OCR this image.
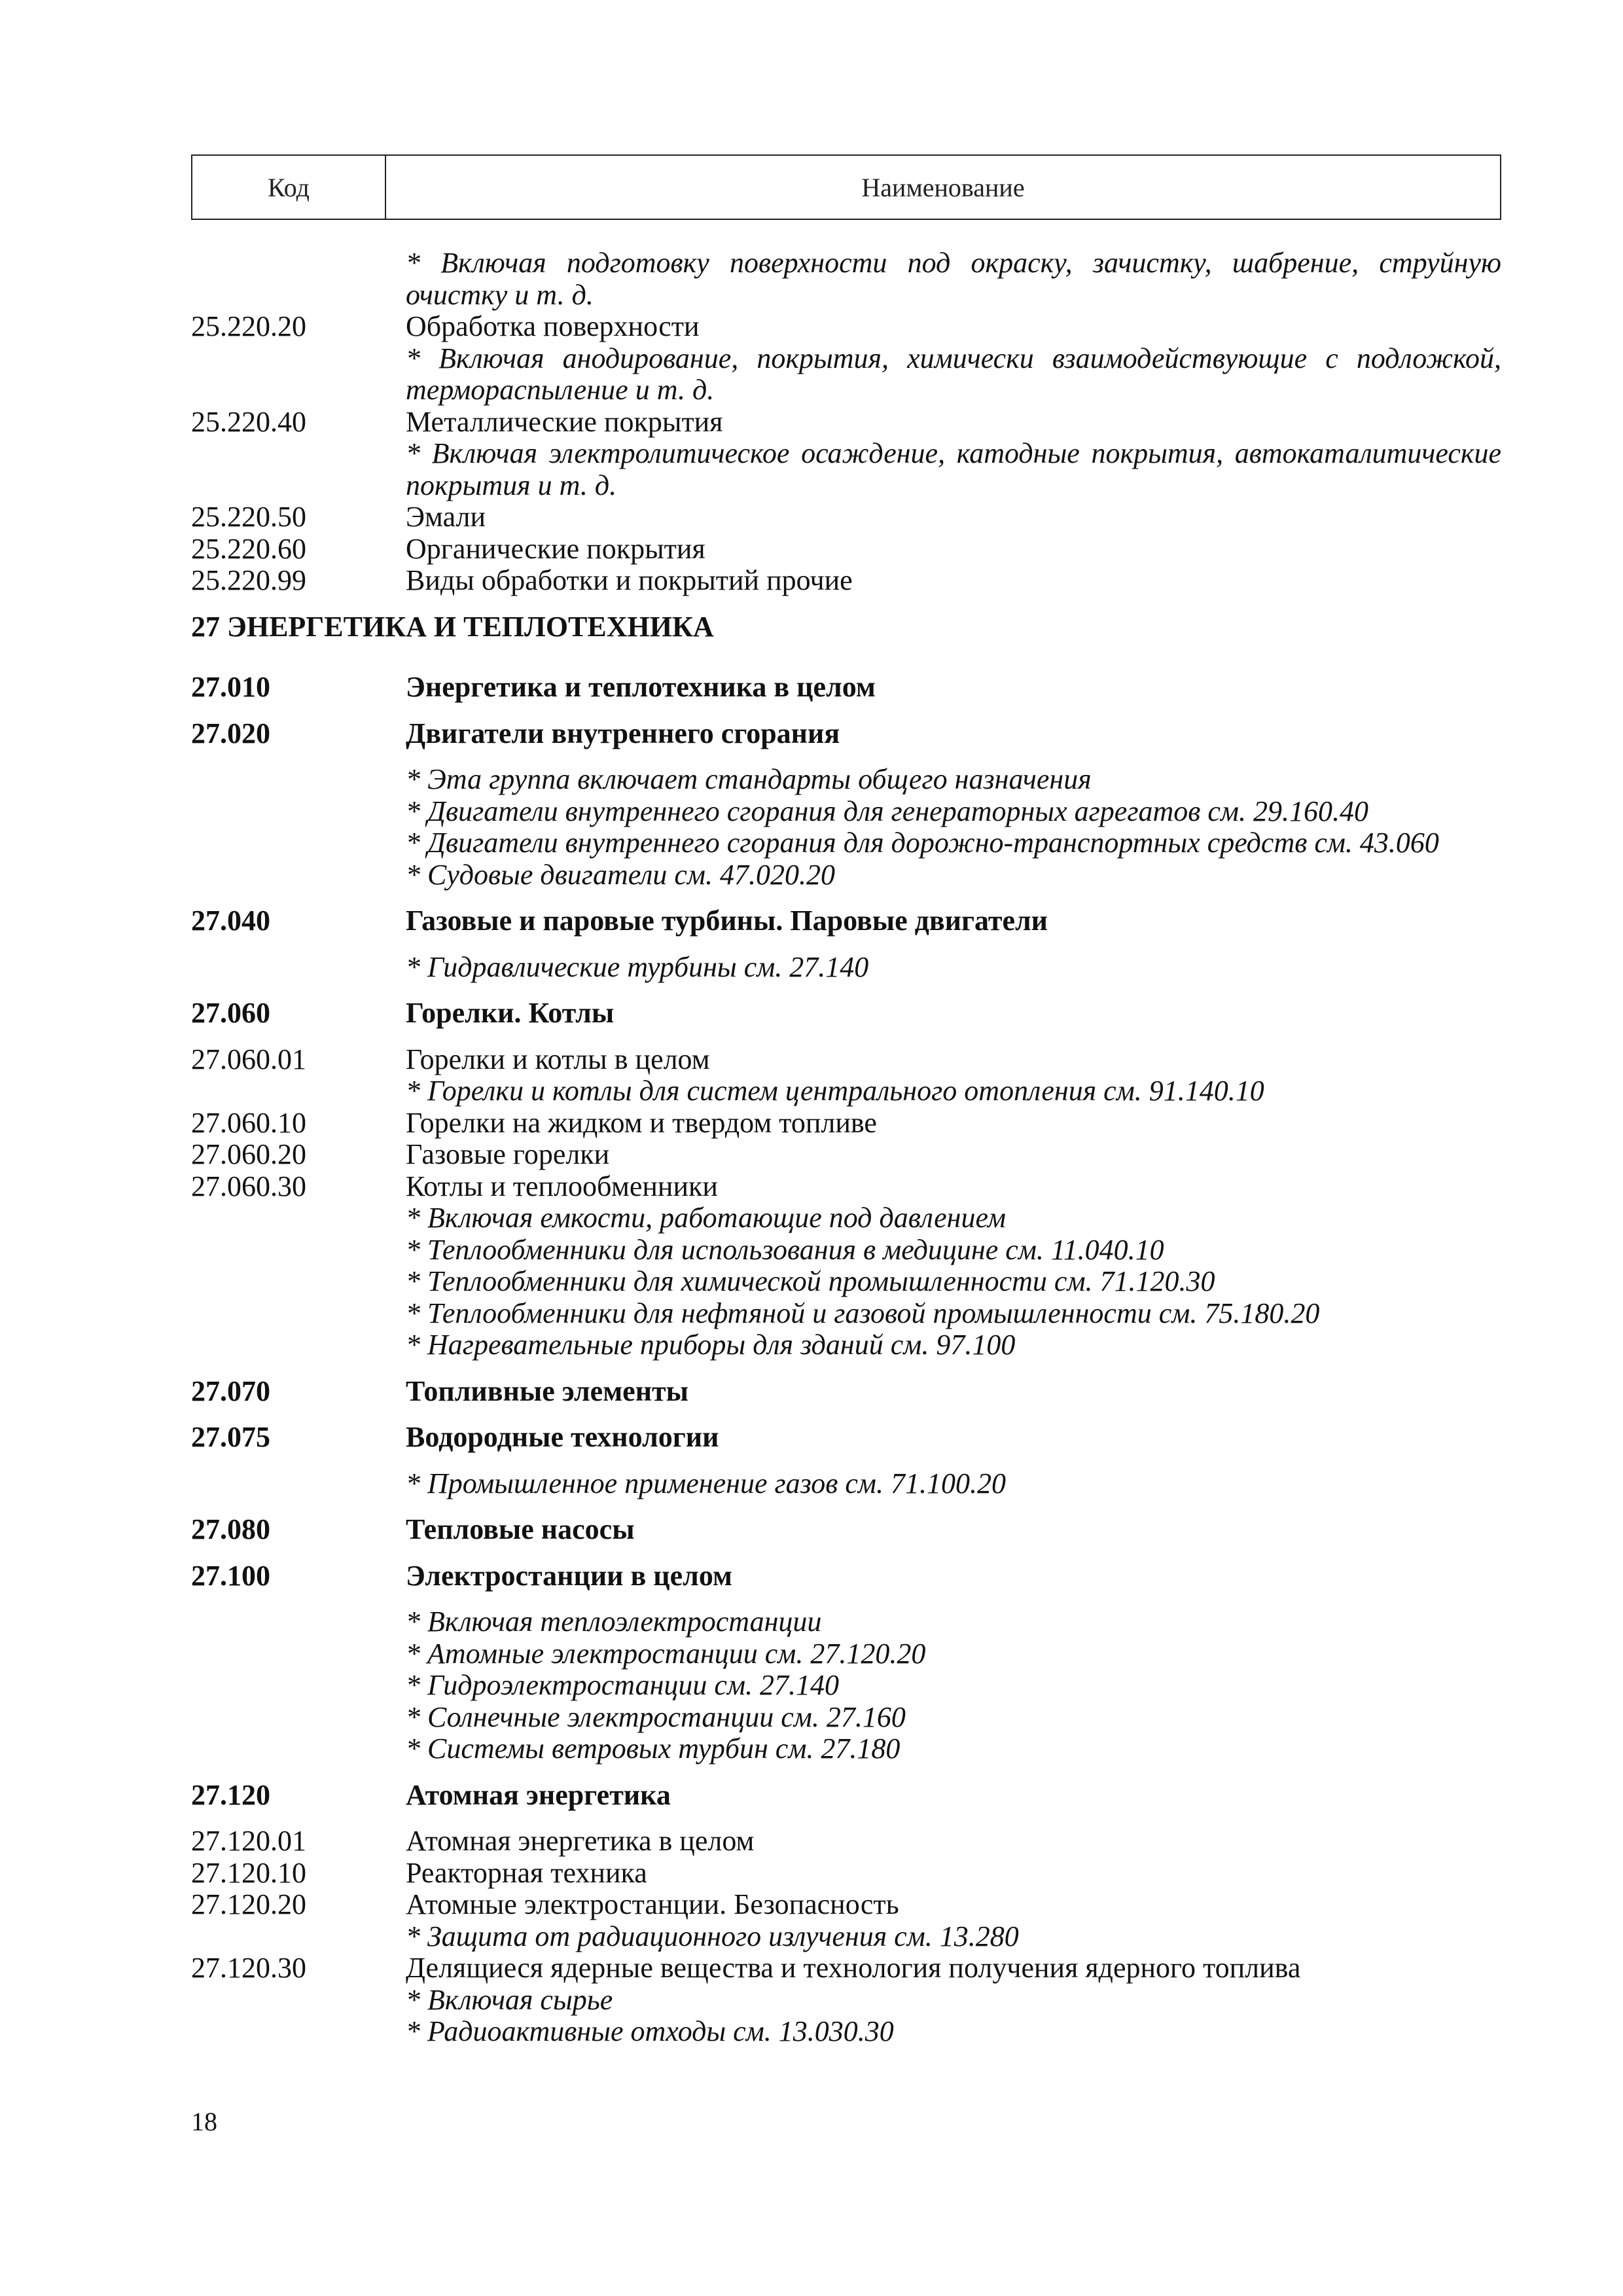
Код	Наименование
* Включая подготовку поверхности под окраску, зачистку, шабрение, струйную очистку и т. д.
25.220.20	Обработка поверхности
* Включая анодирование, покрытия, химически взаимодействующие с подложкой, термораспыление и т. д.
25.220.40	Металлические покрытия
* Включая электролитическое осаждение, катодные покрытия, автокаталитические покрытия и т. д.
25.220.50	Эмали
25.220.60	Органические покрытия
25.220.99	Виды обработки и покрытий прочие
27 ЭНЕРГЕТИКА И ТЕПЛОТЕХНИКА
27.010	Энергетика и теплотехника в целом
27.020	Двигатели внутреннего сгорания
* Эта группа включает стандарты общего назначения
* Двигатели внутреннего сгорания для генераторных агрегатов см. 29.160.40
* Двигатели внутреннего сгорания для дорожно-транспортных средств см. 43.060
* Судовые двигатели см. 47.020.20
27.040	Газовые и паровые турбины. Паровые двигатели
* Гидравлические турбины см. 27.140
27.060	Горелки. Котлы
27.060.01	Горелки и котлы в целом
* Горелки и котлы для систем центрального отопления см. 91.140.10
27.060.10	Горелки на жидком и твердом топливе
27.060.20	Газовые горелки
27.060.30	Котлы и теплообменники
* Включая емкости, работающие под давлением
* Теплообменники для использования в медицине см. 11.040.10
* Теплообменники для химической промышленности см. 71.120.30
* Теплообменники для нефтяной и газовой промышленности см. 75.180.20
* Нагревательные приборы для зданий см. 97.100
27.070	Топливные элементы
27.075	Водородные технологии
* Промышленное применение газов см. 71.100.20
27.080	Тепловые насосы
27.100	Электростанции в целом
* Включая теплоэлектростанции
* Атомные электростанции см. 27.120.20
* Гидроэлектростанции см. 27.140
* Солнечные электростанции см. 27.160
* Системы ветровых турбин см. 27.180
27.120	Атомная энергетика
27.120.01	Атомная энергетика в целом
27.120.10	Реакторная техника
27.120.20	Атомные электростанции. Безопасность
* Защита от радиационного излучения см. 13.280
27.120.30	Делящиеся ядерные вещества и технология получения ядерного топлива
* Включая сырье
* Радиоактивные отходы см. 13.030.30
18
